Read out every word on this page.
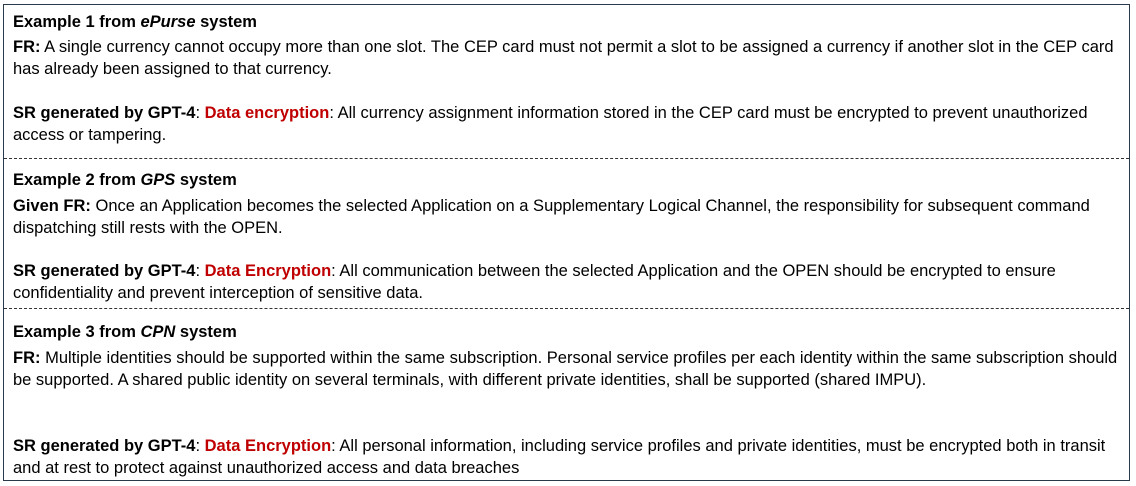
Example 1 from ePurse system

FR: A single currency cannot occupy more than one slot. The CEP card must not permit a slot to be assigned a currency if another slot in the CEP card has already been assigned to that currency.

SR generated by GPT-4: Data encryption: All currency assignment information stored in the CEP card must be encrypted to prevent unauthorized access or tampering.

Example 2 from GPS system

Given FR: Once an Application becomes the selected Application on a Supplementary Logical Channel, the responsibility for subsequent command dispatching still rests with the OPEN.

SR generated by GPT-4: Data Encryption: All communication between the selected Application and the OPEN should be encrypted to ensure confidentiality and prevent interception of sensitive data.

Example 3 from CPN system

FR: Multiple identities should be supported within the same subscription. Personal service profiles per each identity within the same subscription should be supported. A shared public identity on several terminals, with different private identities, shall be supported (shared IMPU).

SR generated by GPT-4: Data Encryption: All personal information, including service profiles and private identities, must be encrypted both in transit and at rest to protect against unauthorized access and data breaches
